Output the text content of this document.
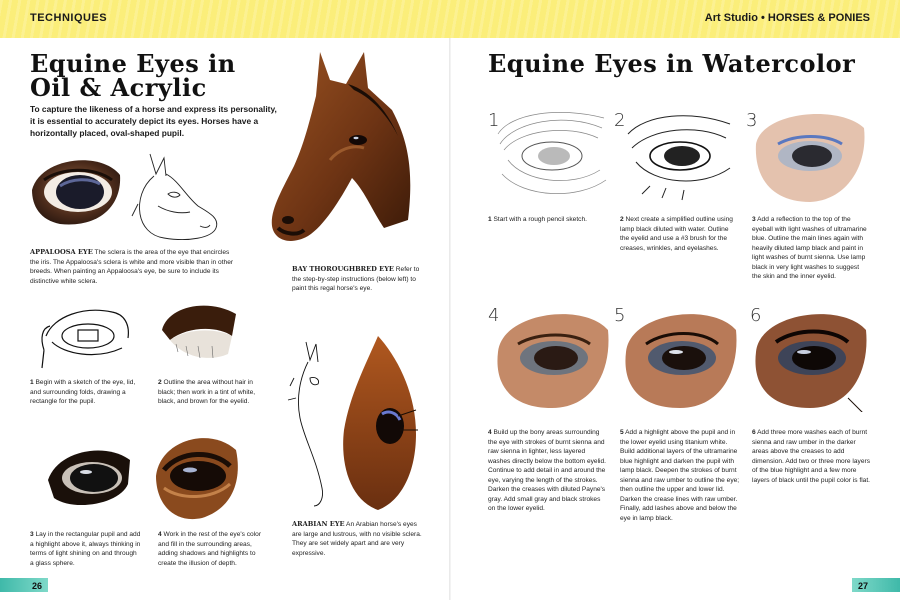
TECHNIQUES	Art Studio • HORSES & PONIES
Equine Eyes in
Oil & Acrylic
To capture the likeness of a horse and express its personality, it is essential to accurately depict its eyes. Horses have a horizontally placed, oval-shaped pupil.
APPALOOSA EYE The sclera is the area of the eye that encircles the iris. The Appaloosa's sclera is white and more visible than in other breeds. When painting an Appaloosa's eye, be sure to include its distinctive white sclera.
BAY THOROUGHBRED EYE Refer to the step-by-step instructions (below left) to paint this regal horse's eye.
1 Begin with a sketch of the eye, lid, and surrounding folds, drawing a rectangle for the pupil.
2 Outline the area without hair in black; then work in a tint of white, black, and brown for the eyelid.
3 Lay in the rectangular pupil and add a highlight above it, always thinking in terms of light shining on and through a glass sphere.
4 Work in the rest of the eye's color and fill in the surrounding areas, adding shadows and highlights to create the illusion of depth.
ARABIAN EYE An Arabian horse's eyes are large and lustrous, with no visible sclera. They are set widely apart and are very expressive.
26
Equine Eyes in Watercolor
1	2	3
1 Start with a rough pencil sketch.	2 Next create a simplified outline using lamp black diluted with water. Outline the eyelid and use a #3 brush for the creases, wrinkles, and eyelashes.
3 Add a reflection to the top of the eyeball with light washes of ultramarine blue. Outline the main lines again with heavily diluted lamp black and paint in light washes of burnt sienna. Use lamp black in very light washes to suggest the skin and the inner eyelid.
4	5	6
4 Build up the bony areas surrounding the eye with strokes of burnt sienna and raw sienna in lighter, less layered washes directly below the bottom eyelid. Continue to add detail in and around the eye, varying the length of the strokes. Darken the creases with diluted Payne's gray. Add small gray and black strokes on the lower eyelid.
5 Add a highlight above the pupil and in the lower eyelid using titanium white. Build additional layers of the ultramarine blue highlight and darken the pupil with lamp black. Deepen the strokes of burnt sienna and raw umber to outline the eye; then outline the upper and lower lid. Darken the crease lines with raw umber. Finally, add lashes above and below the eye in lamp black.
6 Add three more washes each of burnt sienna and raw umber in the darker areas above the creases to add dimension. Add two or three more layers of the blue highlight and a few more layers of black until the pupil color is flat.
27
